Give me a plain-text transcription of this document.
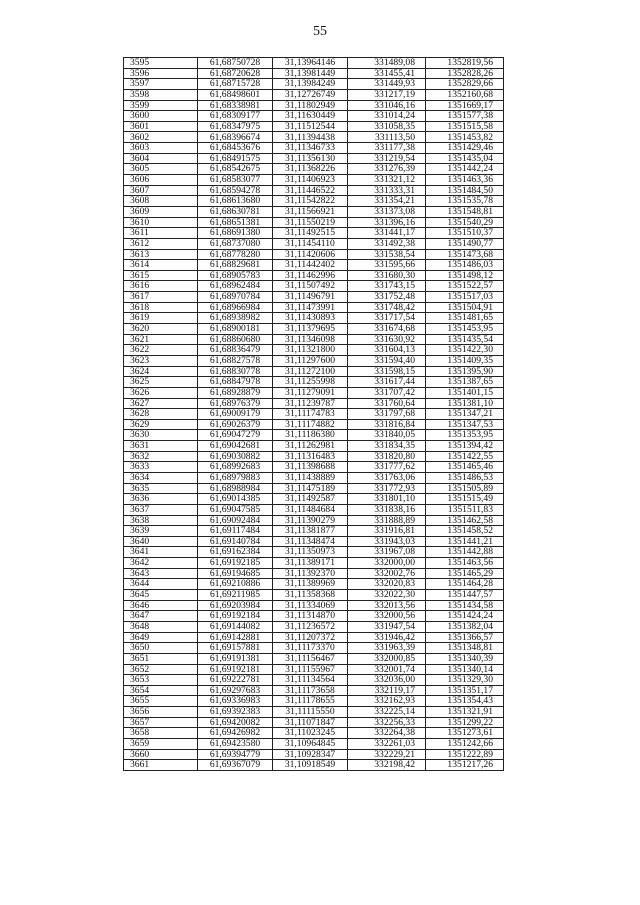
55
3595	61,68750728	31,13964146	331489,08	1352819,56
3596	61,68720628	31,13981449	331455,41	1352828,26
3597	61,68715728	31,13984249	331449,93	1352829,66
3598	61,68498601	31,12726749	331217,19	1352160,68
3599	61,68338981	31,11802949	331046,16	1351669,17
3600	61,68309177	31,11630449	331014,24	1351577,38
3601	61,68347975	31,11512544	331058,35	1351515,58
3602	61,68396674	31,11394438	331113,50	1351453,82
3603	61,68453676	31,11346733	331177,38	1351429,46
3604	61,68491575	31,11356130	331219,54	1351435,04
3605	61,68542675	31,11368226	331276,39	1351442,24
3606	61,68583077	31,11406923	331321,12	1351463,36
3607	61,68594278	31,11446522	331333,31	1351484,50
3608	61,68613680	31,11542822	331354,21	1351535,78
3609	61,68630781	31,11566921	331373,08	1351548,81
3610	61,68651381	31,11550219	331396,16	1351540,29
3611	61,68691380	31,11492515	331441,17	1351510,37
3612	61,68737080	31,11454110	331492,38	1351490,77
3613	61,68778280	31,11420606	331538,54	1351473,68
3614	61,68829681	31,11442402	331595,66	1351486,03
3615	61,68905783	31,11462996	331680,30	1351498,12
3616	61,68962484	31,11507492	331743,15	1351522,57
3617	61,68970784	31,11496791	331752,48	1351517,03
3618	61,68966984	31,11473991	331748,42	1351504,91
3619	61,68938982	31,11430893	331717,54	1351481,65
3620	61,68900181	31,11379695	331674,68	1351453,95
3621	61,68860680	31,11346098	331630,92	1351435,54
3622	61,68836479	31,11321800	331604,13	1351422,30
3623	61,68827578	31,11297600	331594,40	1351409,35
3624	61,68830778	31,11272100	331598,15	1351395,90
3625	61,68847978	31,11255998	331617,44	1351387,65
3626	61,68928879	31,11279091	331707,42	1351401,15
3627	61,68976379	31,11239787	331760,64	1351381,10
3628	61,69009179	31,11174783	331797,68	1351347,21
3629	61,69026379	31,11174882	331816,84	1351347,53
3630	61,69047279	31,11186380	331840,05	1351353,95
3631	61,69042681	31,11262981	331834,35	1351394,42
3632	61,69030882	31,11316483	331820,80	1351422,55
3633	61,68992683	31,11398688	331777,62	1351465,46
3634	61,68979883	31,11438889	331763,06	1351486,53
3635	61,68988984	31,11475189	331772,93	1351505,89
3636	61,69014385	31,11492587	331801,10	1351515,49
3637	61,69047585	31,11484684	331838,16	1351511,83
3638	61,69092484	31,11390279	331888,89	1351462,58
3639	61,69117484	31,11381877	331916,81	1351458,52
3640	61,69140784	31,11348474	331943,03	1351441,21
3641	61,69162384	31,11350973	331967,08	1351442,88
3642	61,69192185	31,11389171	332000,00	1351463,56
3643	61,69194685	31,11392370	332002,76	1351465,29
3644	61,69210886	31,11389969	332020,83	1351464,28
3645	61,69211985	31,11358368	332022,30	1351447,57
3646	61,69203984	31,11334069	332013,56	1351434,58
3647	61,69192184	31,11314870	332000,56	1351424,24
3648	61,69144082	31,11236572	331947,54	1351382,04
3649	61,69142881	31,11207372	331946,42	1351366,57
3650	61,69157881	31,11173370	331963,39	1351348,81
3651	61,69191381	31,11156467	332000,85	1351340,39
3652	61,69192181	31,11155967	332001,74	1351340,14
3653	61,69222781	31,11134564	332036,00	1351329,30
3654	61,69297683	31,11173658	332119,17	1351351,17
3655	61,69336983	31,11178655	332162,93	1351354,43
3656	61,69392383	31,11115550	332225,14	1351321,91
3657	61,69420082	31,11071847	332256,33	1351299,22
3658	61,69426982	31,11023245	332264,38	1351273,61
3659	61,69423580	31,10964845	332261,03	1351242,66
3660	61,69394779	31,10928347	332229,21	1351222,89
3661	61,69367079	31,10918549	332198,42	1351217,26
